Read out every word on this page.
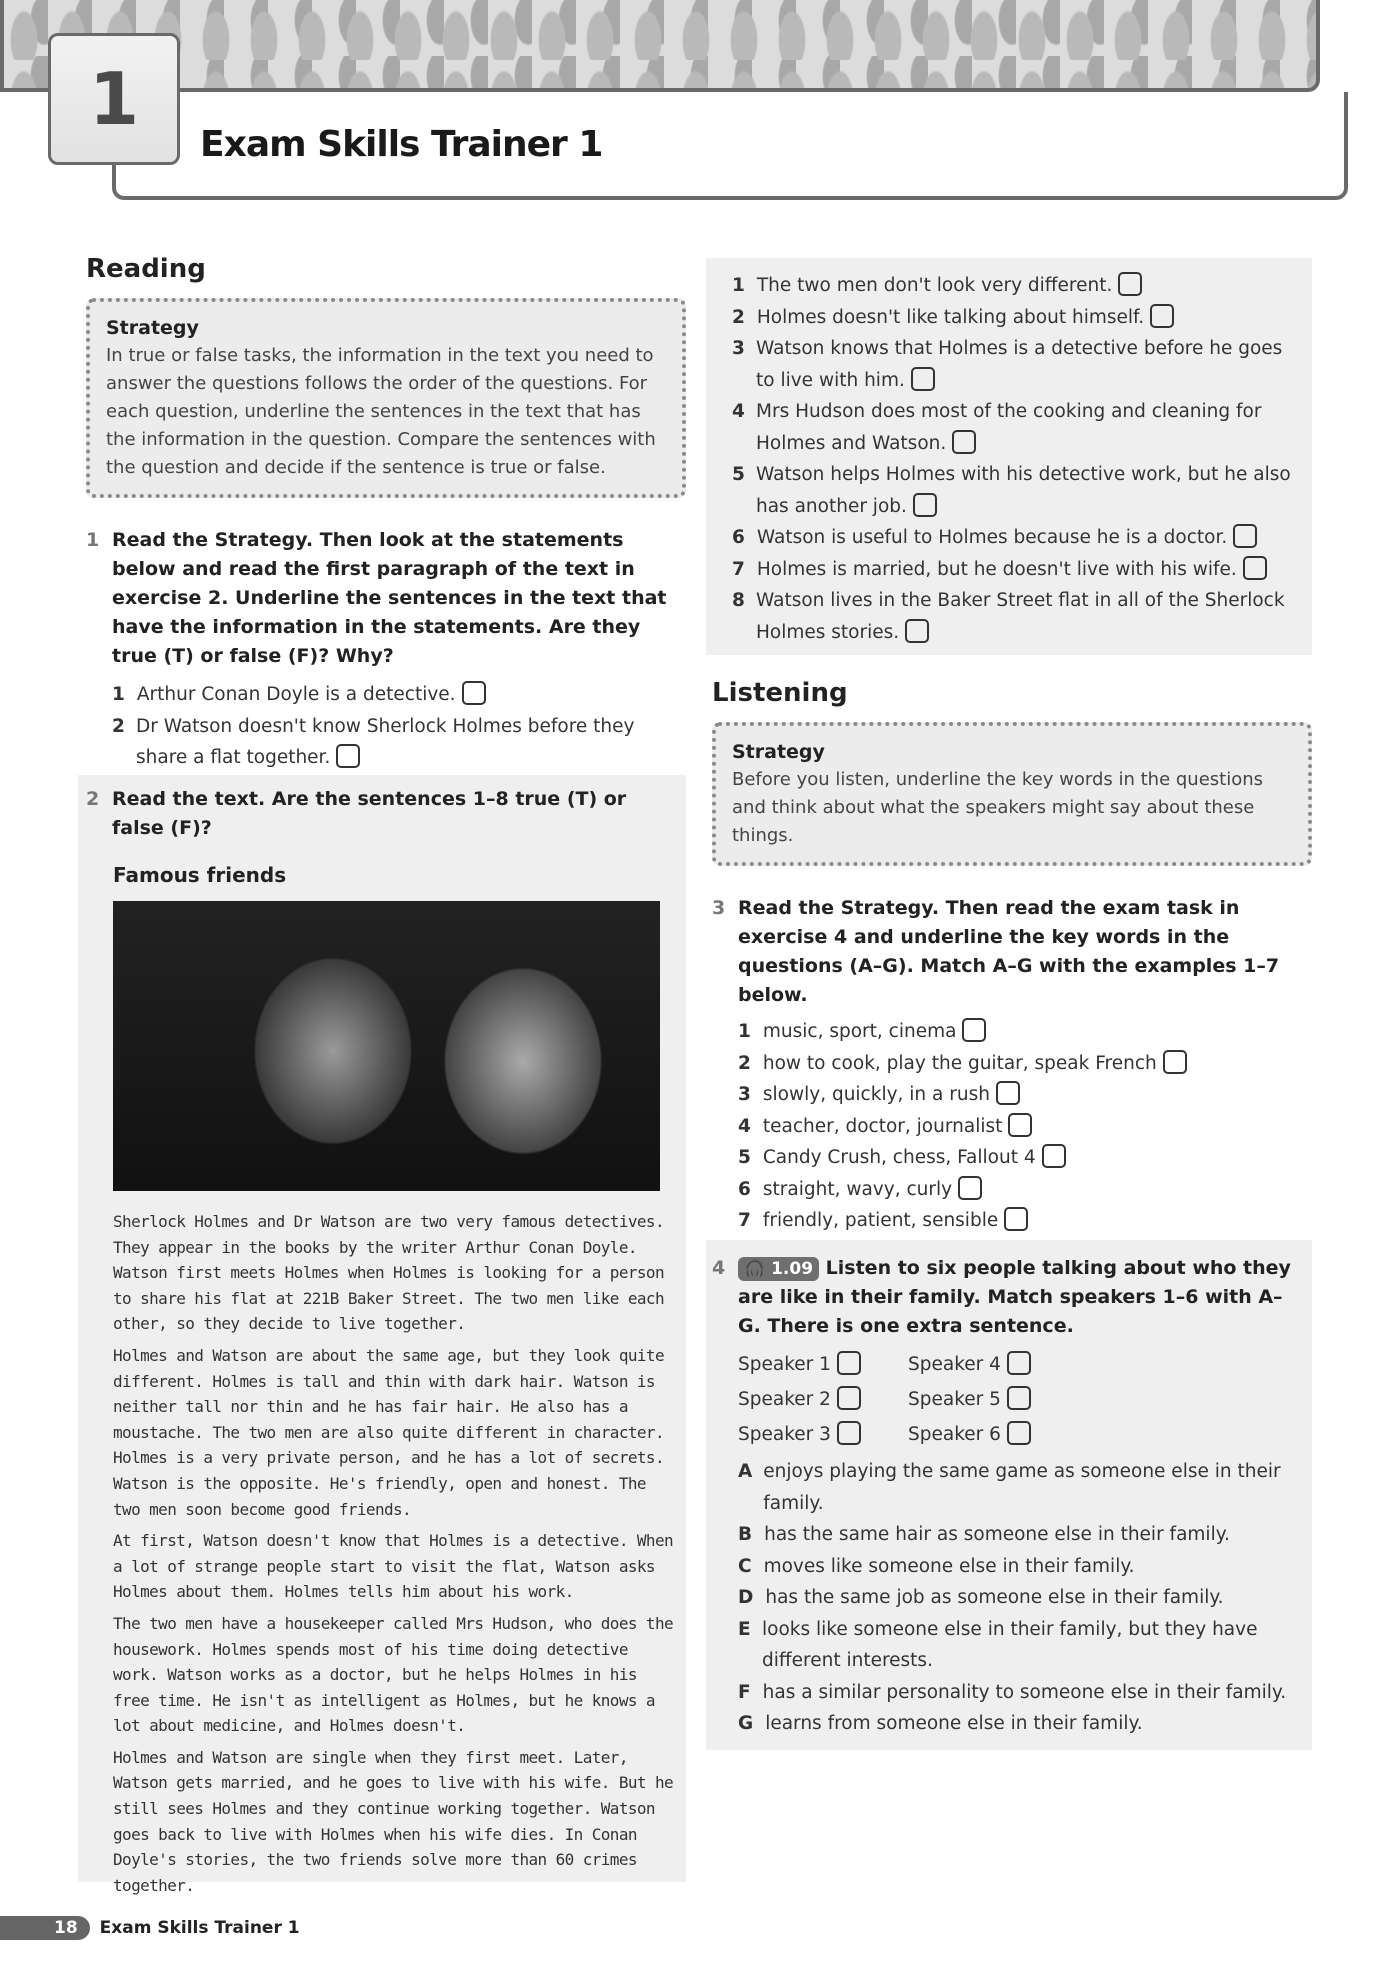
1
Exam Skills Trainer 1
Reading
Strategy
In true or false tasks, the information in the text you need to answer the questions follows the order of the questions. For each question, underline the sentences in the text that has the information in the question. Compare the sentences with the question and decide if the sentence is true or false.
1 Read the Strategy. Then look at the statements below and read the first paragraph of the text in exercise 2. Underline the sentences in the text that have the information in the statements. Are they true (T) or false (F)? Why?
1 Arthur Conan Doyle is a detective.
2 Dr Watson doesn't know Sherlock Holmes before they share a flat together.
2 Read the text. Are the sentences 1–8 true (T) or false (F)?
Famous friends

Sherlock Holmes and Dr Watson are two very famous detectives. They appear in the books by the writer Arthur Conan Doyle. Watson first meets Holmes when Holmes is looking for a person to share his flat at 221B Baker Street. The two men like each other, so they decide to live together.

Holmes and Watson are about the same age, but they look quite different. Holmes is tall and thin with dark hair. Watson is neither tall nor thin and he has fair hair. He also has a moustache. The two men are also quite different in character. Holmes is a very private person, and he has a lot of secrets. Watson is the opposite. He's friendly, open and honest. The two men soon become good friends.

At first, Watson doesn't know that Holmes is a detective. When a lot of strange people start to visit the flat, Watson asks Holmes about them. Holmes tells him about his work.

The two men have a housekeeper called Mrs Hudson, who does the housework. Holmes spends most of his time doing detective work. Watson works as a doctor, but he helps Holmes in his free time. He isn't as intelligent as Holmes, but he knows a lot about medicine, and Holmes doesn't.

Holmes and Watson are single when they first meet. Later, Watson gets married, and he goes to live with his wife. But he still sees Holmes and they continue working together. Watson goes back to live with Holmes when his wife dies. In Conan Doyle's stories, the two friends solve more than 60 crimes together.

1 The two men don't look very different.
2 Holmes doesn't like talking about himself.
3 Watson knows that Holmes is a detective before he goes to live with him.
4 Mrs Hudson does most of the cooking and cleaning for Holmes and Watson.
5 Watson helps Holmes with his detective work, but he also has another job.
6 Watson is useful to Holmes because he is a doctor.
7 Holmes is married, but he doesn't live with his wife.
8 Watson lives in the Baker Street flat in all of the Sherlock Holmes stories.
Listening
Strategy
Before you listen, underline the key words in the questions and think about what the speakers might say about these things.
3 Read the Strategy. Then read the exam task in exercise 4 and underline the key words in the questions (A–G). Match A–G with the examples 1–7 below.
1 music, sport, cinema
2 how to cook, play the guitar, speak French
3 slowly, quickly, in a rush
4 teacher, doctor, journalist
5 Candy Crush, chess, Fallout 4
6 straight, wavy, curly
7 friendly, patient, sensible
4	🎧 1.09 Listen to six people talking about who they are like in their family. Match speakers 1–6 with A–G. There is one extra sentence.
Speaker 1	Speaker 4
Speaker 2	Speaker 5
Speaker 3	Speaker 6
A enjoys playing the same game as someone else in their family.
B has the same hair as someone else in their family.
C moves like someone else in their family.
D has the same job as someone else in their family.
E looks like someone else in their family, but they have different interests.
F has a similar personality to someone else in their family.
G learns from someone else in their family.
18	Exam Skills Trainer 1
